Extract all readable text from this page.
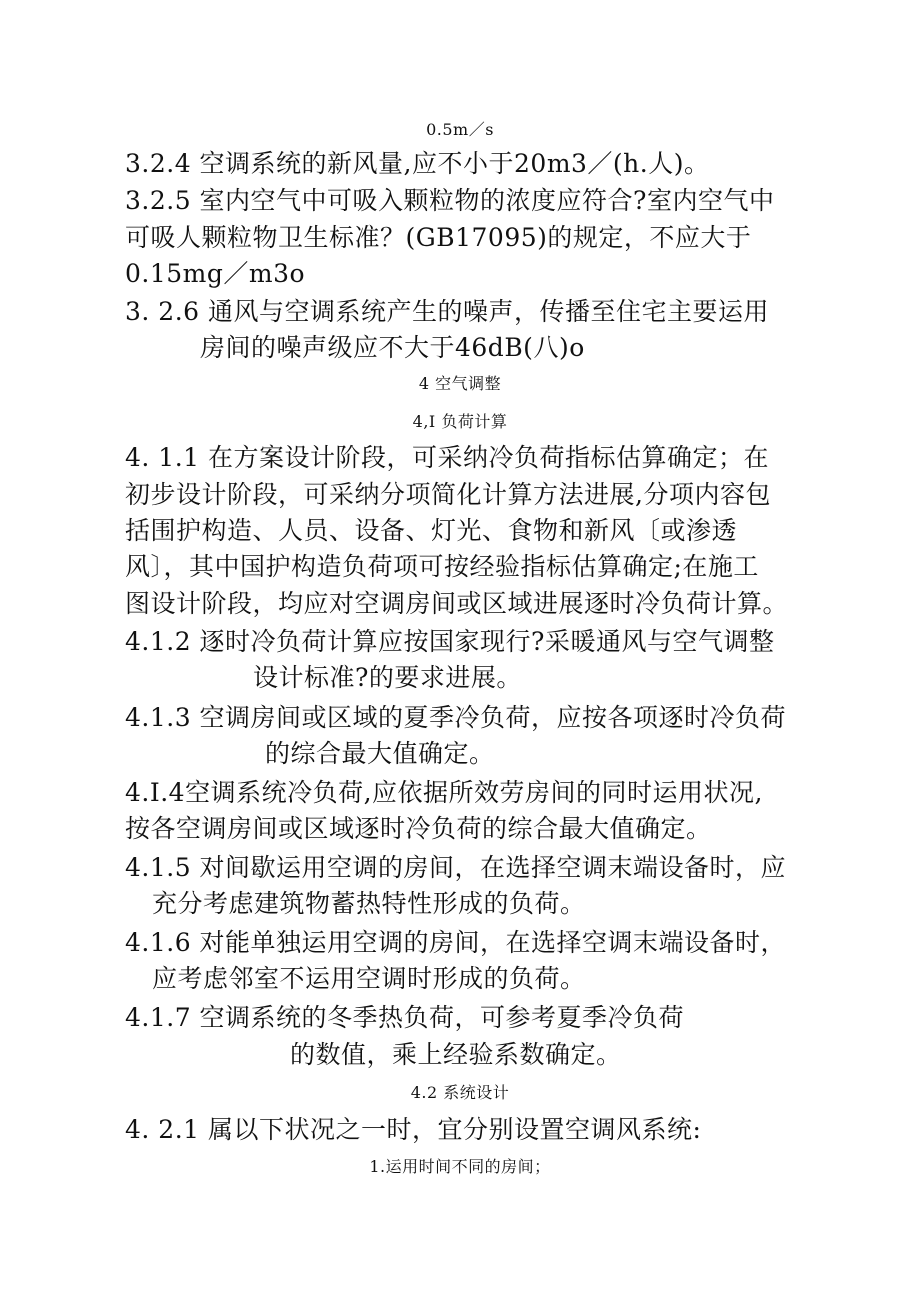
0.5m／s
3.2.4 空调系统的新风量,应不小于20m3／(h.人)。
3.2.5 室内空气中可吸入颗粒物的浓度应符合?室内空气中
可吸人颗粒物卫生标准？(GB17095)的规定，不应大于
0.15mg／m3o
3. 2.6 通风与空调系统产生的噪声，传播至住宅主要运用
房间的噪声级应不大于46dB(八)o
4 空气调整
4,I 负荷计算
4. 1.1 在方案设计阶段，可采纳冷负荷指标估算确定；在
初步设计阶段，可采纳分项简化计算方法进展,分项内容包
括围护构造、人员、设备、灯光、食物和新风〔或渗透
风〕，其中国护构造负荷项可按经验指标估算确定;在施工
图设计阶段，均应对空调房间或区域进展逐时冷负荷计算。
4.1.2 逐时冷负荷计算应按国家现行?采暖通风与空气调整
设计标准?的要求进展。
4.1.3 空调房间或区域的夏季冷负荷，应按各项逐时冷负荷
的综合最大值确定。
4.I.4空调系统冷负荷,应依据所效劳房间的同时运用状况,
按各空调房间或区域逐时冷负荷的综合最大值确定。
4.1.5 对间歇运用空调的房间，在选择空调末端设备时，应
充分考虑建筑物蓄热特性形成的负荷。
4.1.6 对能单独运用空调的房间，在选择空调末端设备时，
应考虑邻室不运用空调时形成的负荷。
4.1.7 空调系统的冬季热负荷，可参考夏季冷负荷
的数值，乘上经验系数确定。
4.2 系统设计
4. 2.1 属以下状况之一时，宜分别设置空调风系统:
1.运用时间不同的房间；
